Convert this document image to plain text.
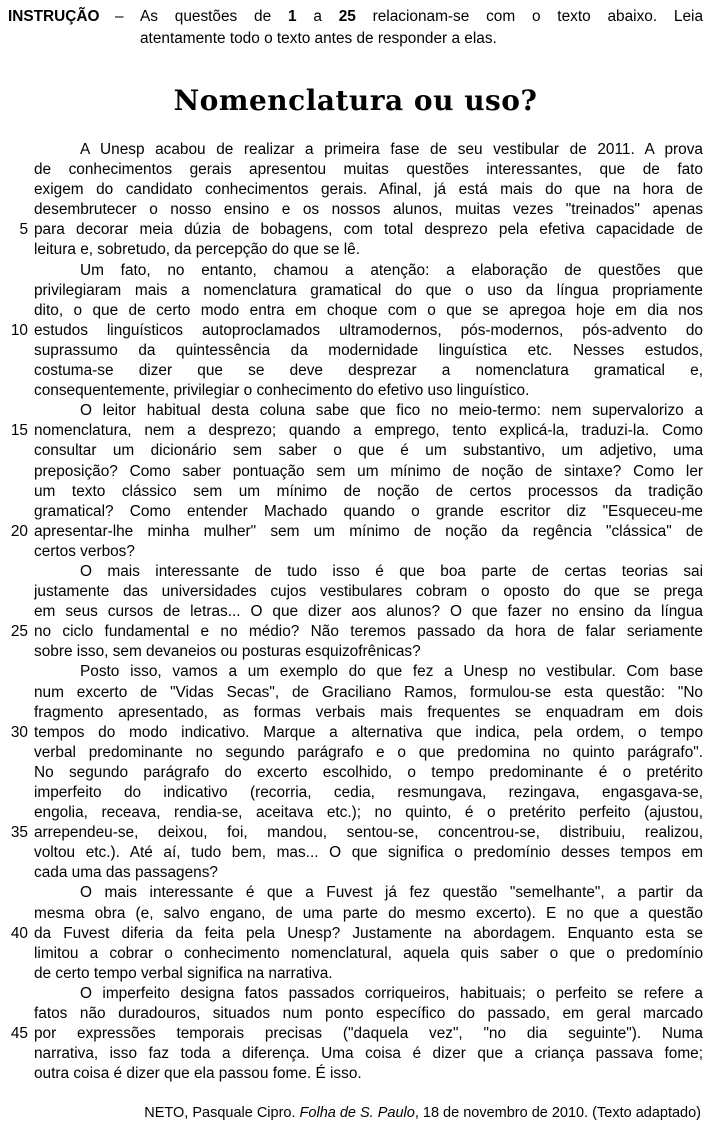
INSTRUÇÃO	–	As questões de 1 a 25 relacionam-se com o texto abaixo. Leia
atentamente todo o texto antes de responder a elas.
Nomenclatura ou uso?
A Unesp acabou de realizar a primeira fase de seu vestibular de 2011. A prova
de conhecimentos gerais apresentou muitas questões interessantes, que de fato
exigem do candidato conhecimentos gerais. Afinal, já está mais do que na hora de
desembrutecer o nosso ensino e os nossos alunos, muitas vezes "treinados" apenas
5 para decorar meia dúzia de bobagens, com total desprezo pela efetiva capacidade de
leitura e, sobretudo, da percepção do que se lê.
Um fato, no entanto, chamou a atenção: a elaboração de questões que
privilegiaram mais a nomenclatura gramatical do que o uso da língua propriamente
dito, o que de certo modo entra em choque com o que se apregoa hoje em dia nos
10 estudos linguísticos autoproclamados ultramodernos, pós-modernos, pós-advento do
suprassumo da quintessência da modernidade linguística etc. Nesses estudos,
costuma-se dizer que se deve desprezar a nomenclatura gramatical e,
consequentemente, privilegiar o conhecimento do efetivo uso linguístico.
O leitor habitual desta coluna sabe que fico no meio-termo: nem supervalorizo a
15 nomenclatura, nem a desprezo; quando a emprego, tento explicá-la, traduzi-la. Como
consultar um dicionário sem saber o que é um substantivo, um adjetivo, uma
preposição? Como saber pontuação sem um mínimo de noção de sintaxe? Como ler
um texto clássico sem um mínimo de noção de certos processos da tradição
gramatical? Como entender Machado quando o grande escritor diz "Esqueceu-me
20 apresentar-lhe minha mulher" sem um mínimo de noção da regência "clássica" de
certos verbos?
O mais interessante de tudo isso é que boa parte de certas teorias sai
justamente das universidades cujos vestibulares cobram o oposto do que se prega
em seus cursos de letras... O que dizer aos alunos? O que fazer no ensino da língua
25 no ciclo fundamental e no médio? Não teremos passado da hora de falar seriamente
sobre isso, sem devaneios ou posturas esquizofrênicas?
Posto isso, vamos a um exemplo do que fez a Unesp no vestibular. Com base
num excerto de "Vidas Secas", de Graciliano Ramos, formulou-se esta questão: "No
fragmento apresentado, as formas verbais mais frequentes se enquadram em dois
30 tempos do modo indicativo. Marque a alternativa que indica, pela ordem, o tempo
verbal predominante no segundo parágrafo e o que predomina no quinto parágrafo".
No segundo parágrafo do excerto escolhido, o tempo predominante é o pretérito
imperfeito do indicativo (recorria, cedia, resmungava, rezingava, engasgava-se,
engolia, receava, rendia-se, aceitava etc.); no quinto, é o pretérito perfeito (ajustou,
35 arrependeu-se, deixou, foi, mandou, sentou-se, concentrou-se, distribuiu, realizou,
voltou etc.). Até aí, tudo bem, mas... O que significa o predomínio desses tempos em
cada uma das passagens?
O mais interessante é que a Fuvest já fez questão "semelhante", a partir da
mesma obra (e, salvo engano, de uma parte do mesmo excerto). E no que a questão
40 da Fuvest diferia da feita pela Unesp? Justamente na abordagem. Enquanto esta se
limitou a cobrar o conhecimento nomenclatural, aquela quis saber o que o predomínio
de certo tempo verbal significa na narrativa.
O imperfeito designa fatos passados corriqueiros, habituais; o perfeito se refere a
fatos não duradouros, situados num ponto específico do passado, em geral marcado
45 por expressões temporais precisas ("daquela vez", "no dia seguinte"). Numa
narrativa, isso faz toda a diferença. Uma coisa é dizer que a criança passava fome;
outra coisa é dizer que ela passou fome. É isso.
NETO, Pasquale Cipro. Folha de S. Paulo, 18 de novembro de 2010. (Texto adaptado)
